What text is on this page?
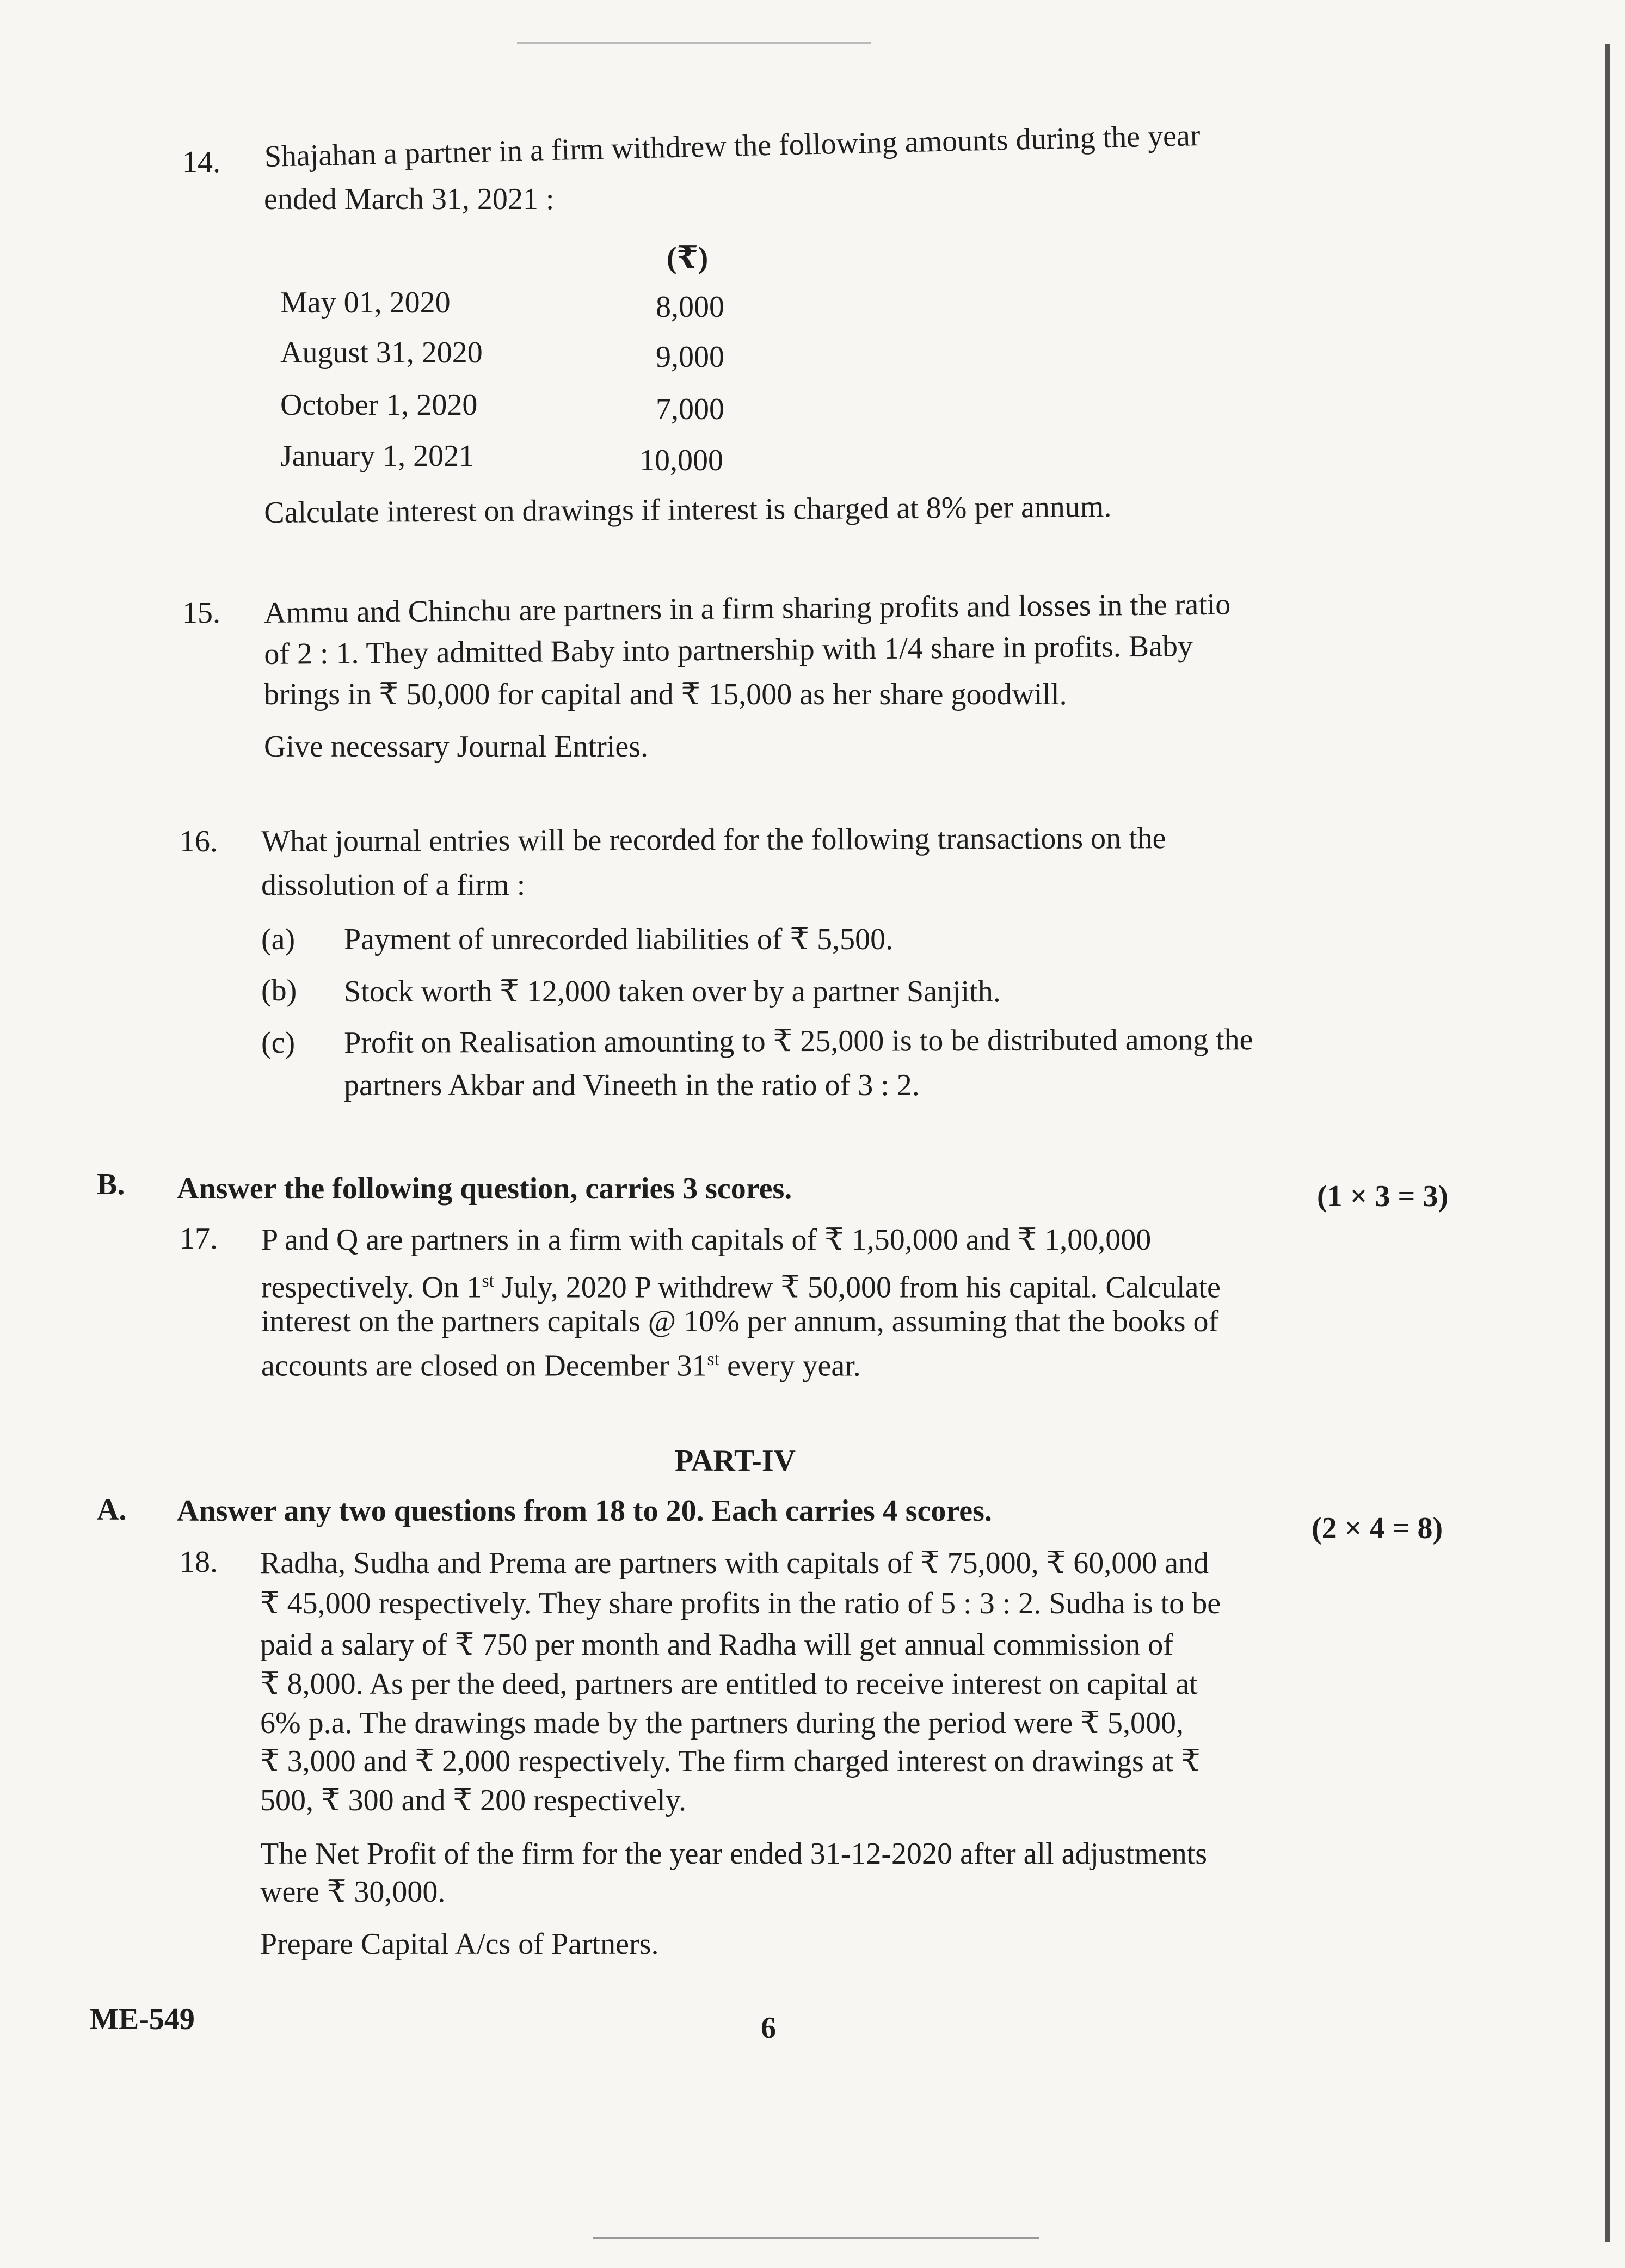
14. Shajahan a partner in a firm withdrew the following amounts during the year
ended March 31, 2021 :
(₹)
May 01, 2020	8,000
August 31, 2020	9,000
October 1, 2020	7,000
January 1, 2021	10,000
Calculate interest on drawings if interest is charged at 8% per annum.
15. Ammu and Chinchu are partners in a firm sharing profits and losses in the ratio
of 2 : 1. They admitted Baby into partnership with 1/4 share in profits. Baby
brings in ₹ 50,000 for capital and ₹ 15,000 as her share goodwill.
Give necessary Journal Entries.
16. What journal entries will be recorded for the following transactions on the
dissolution of a firm :
(a) Payment of unrecorded liabilities of ₹ 5,500.
(b) Stock worth ₹ 12,000 taken over by a partner Sanjith.
(c) Profit on Realisation amounting to ₹ 25,000 is to be distributed among the
partners Akbar and Vineeth in the ratio of 3 : 2.
B. Answer the following question, carries 3 scores.	(1 × 3 = 3)
17. P and Q are partners in a firm with capitals of ₹ 1,50,000 and ₹ 1,00,000
respectively. On 1st July, 2020 P withdrew ₹ 50,000 from his capital. Calculate
interest on the partners capitals @ 10% per annum, assuming that the books of
accounts are closed on December 31st every year.
PART-IV
A. Answer any two questions from 18 to 20. Each carries 4 scores.
(2 × 4 = 8)
18. Radha, Sudha and Prema are partners with capitals of ₹ 75,000, ₹ 60,000 and
₹ 45,000 respectively. They share profits in the ratio of 5 : 3 : 2. Sudha is to be
paid a salary of ₹ 750 per month and Radha will get annual commission of
₹ 8,000. As per the deed, partners are entitled to receive interest on capital at
6% p.a. The drawings made by the partners during the period were ₹ 5,000,
₹ 3,000 and ₹ 2,000 respectively. The firm charged interest on drawings at ₹
500, ₹ 300 and ₹ 200 respectively.
The Net Profit of the firm for the year ended 31-12-2020 after all adjustments
were ₹ 30,000.
Prepare Capital A/cs of Partners.
ME-549	6
